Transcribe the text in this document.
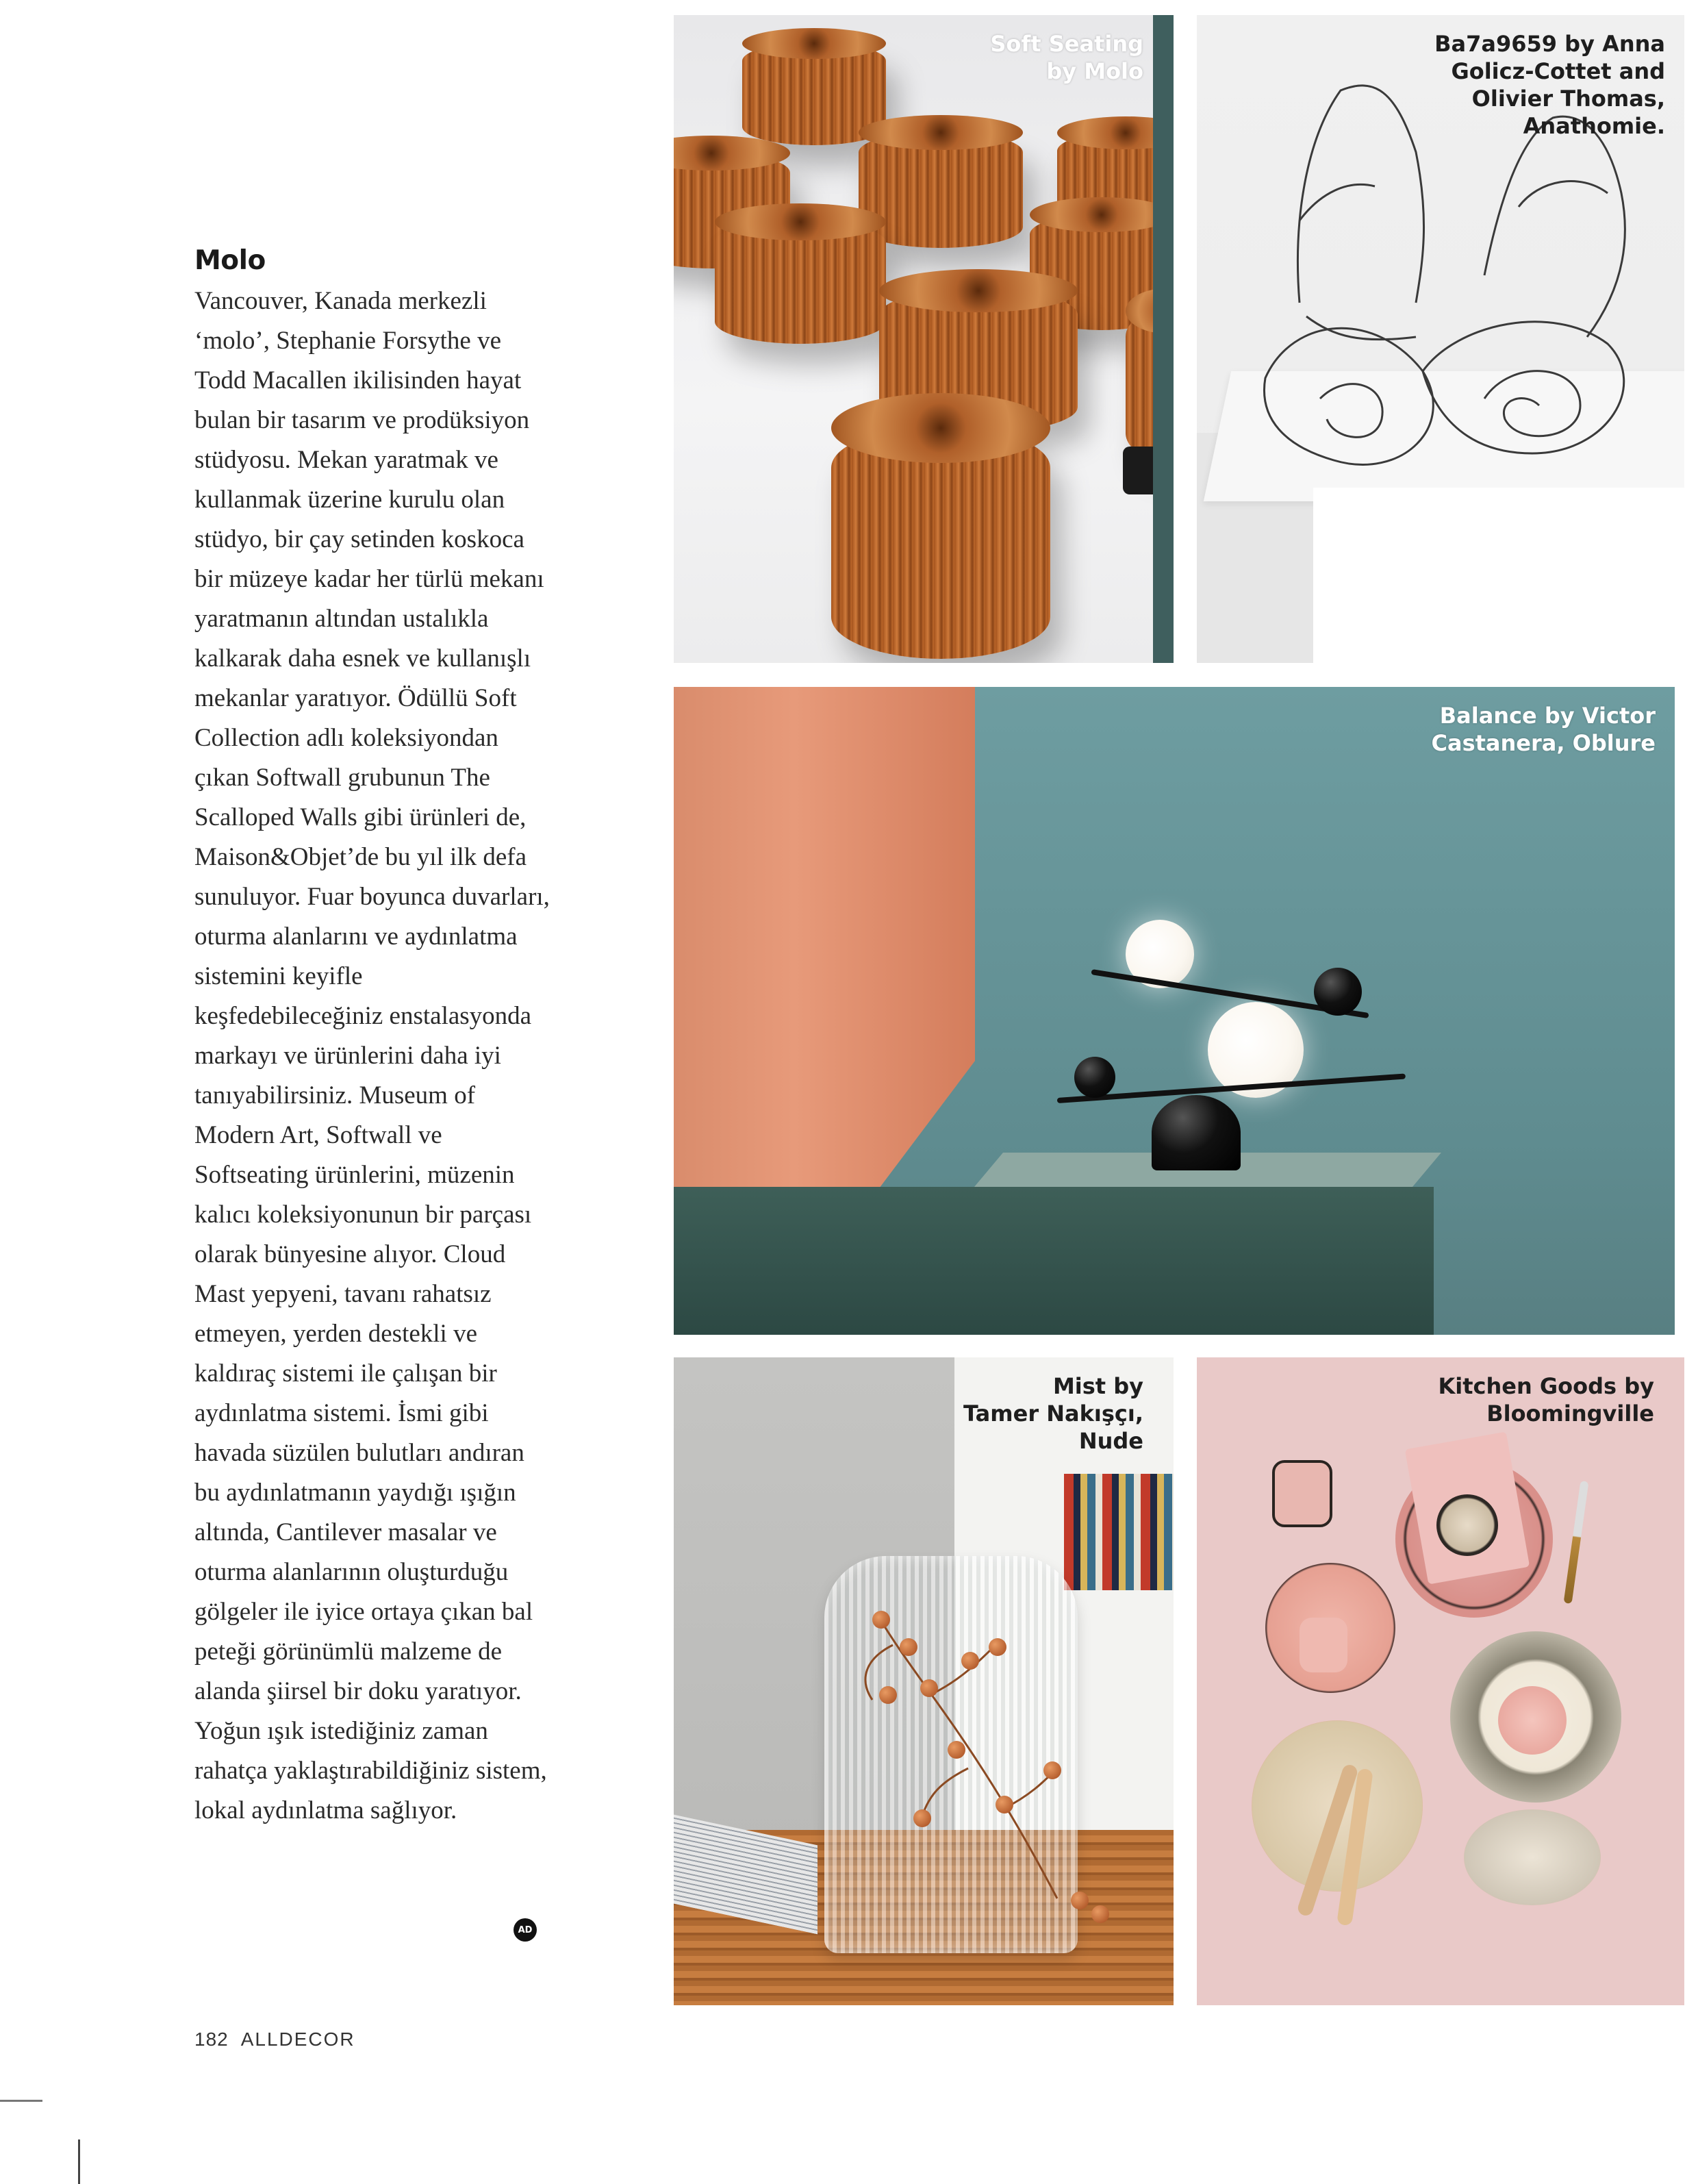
Molo

Vancouver, Kanada merkezli ‘molo’, Stephanie Forsythe ve Todd Macallen ikilisinden hayat bulan bir tasarım ve prodüksiyon stüdyosu. Mekan yaratmak ve kullanmak üzerine kurulu olan stüdyo, bir çay setinden koskoca bir müzeye kadar her türlü mekanı yaratmanın altından ustalıkla kalkarak daha esnek ve kullanışlı mekanlar yaratıyor. Ödüllü Soft Collection adlı koleksiyondan çıkan Softwall grubunun The Scalloped Walls gibi ürünleri de, Maison&Objet’de bu yıl ilk defa sunuluyor. Fuar boyunca duvarları, oturma alanlarını ve aydınlatma sistemini keyifle keşfedebileceğiniz enstalasyonda markayı ve ürünlerini daha iyi tanıyabilirsiniz. Museum of Modern Art, Softwall ve Softseating ürünlerini, müzenin kalıcı koleksiyonunun bir parçası olarak bünyesine alıyor. Cloud Mast yepyeni, tavanı rahatsız etmeyen, yerden destekli ve kaldıraç sistemi ile çalışan bir aydınlatma sistemi. İsmi gibi havada süzülen bulutları andıran bu aydınlatmanın yaydığı ışığın altında, Cantilever masalar ve oturma alanlarının oluşturduğu gölgeler ile iyice ortaya çıkan bal peteği görünümlü malzeme de alanda şiirsel bir doku yaratıyor. Yoğun ışık istediğiniz zaman rahatça yaklaştırabildiğiniz sistem, lokal aydınlatma sağlıyor.

AD
Soft Seating
by Molo
Ba7a9659 by Anna
Golicz-Cottet and
Olivier Thomas,
Anathomie.
Balance by Victor
Castanera, Oblure
Mist by
Tamer Nakışçı,
Nude
Kitchen Goods by
Bloomingville
182 ALLDECOR
